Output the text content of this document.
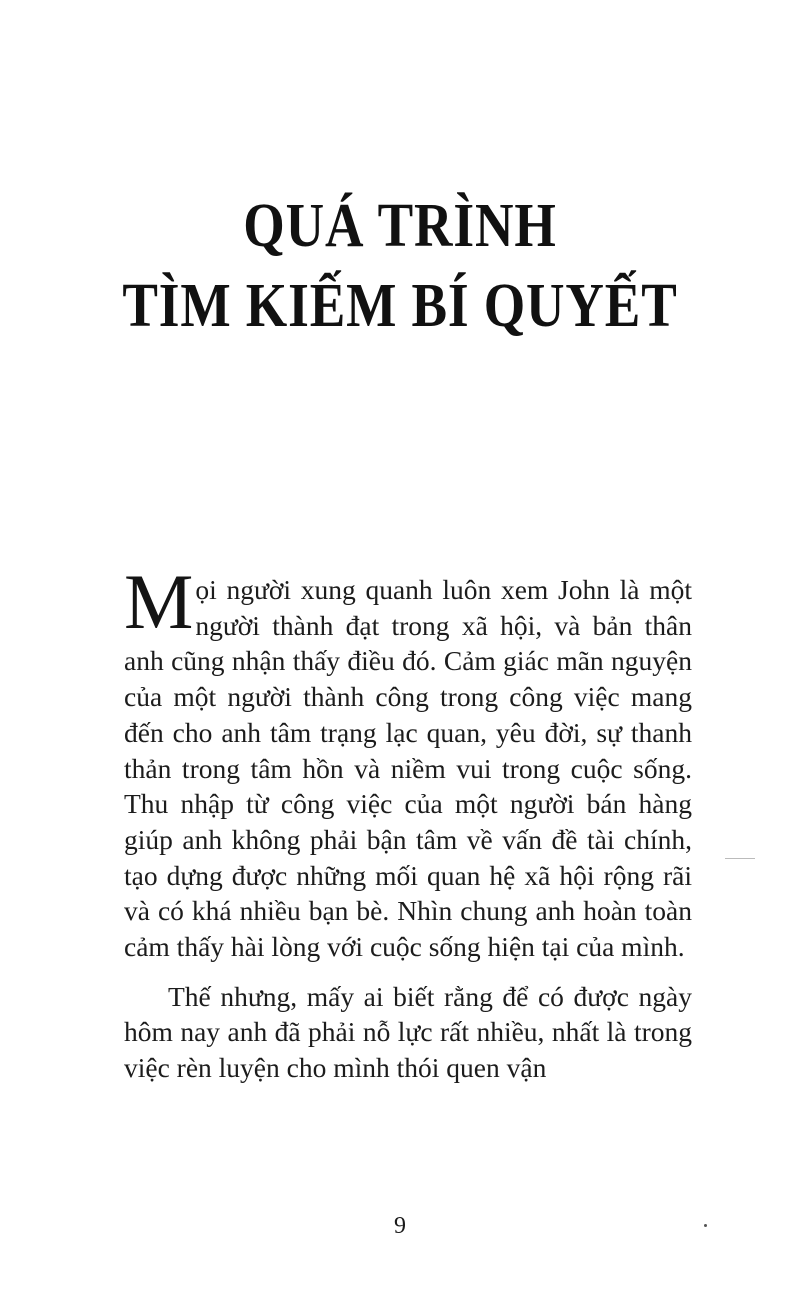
QUÁ TRÌNH
TÌM KIẾM BÍ QUYẾT

Mọi người xung quanh luôn xem John là một người thành đạt trong xã hội, và bản thân anh cũng nhận thấy điều đó. Cảm giác mãn nguyện của một người thành công trong công việc mang đến cho anh tâm trạng lạc quan, yêu đời, sự thanh thản trong tâm hồn và niềm vui trong cuộc sống. Thu nhập từ công việc của một người bán hàng giúp anh không phải bận tâm về vấn đề tài chính, tạo dựng được những mối quan hệ xã hội rộng rãi và có khá nhiều bạn bè. Nhìn chung anh hoàn toàn cảm thấy hài lòng với cuộc sống hiện tại của mình.

Thế nhưng, mấy ai biết rằng để có được ngày hôm nay anh đã phải nỗ lực rất nhiều, nhất là trong việc rèn luyện cho mình thói quen vận

9
